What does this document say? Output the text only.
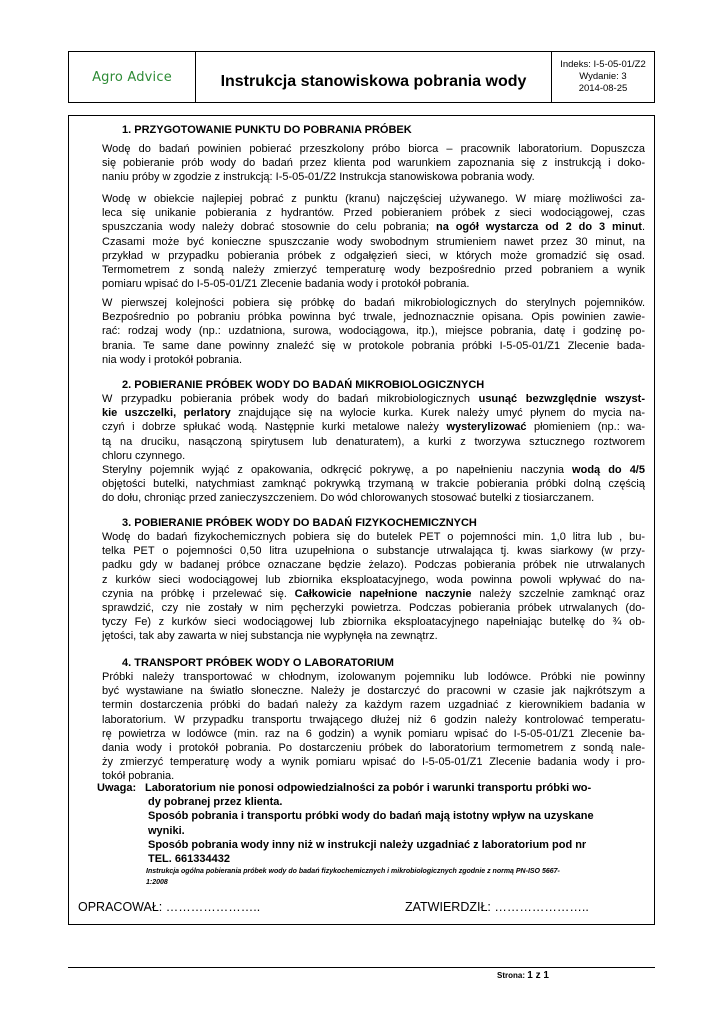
Agro Advice	Instrukcja stanowiskowa pobrania wody
Indeks: I-5-05-01/Z2
Wydanie: 3
2014-08-25
1. PRZYGOTOWANIE PUNKTU DO POBRANIA PRÓBEK
Wodę do badań powinien pobierać przeszkolony próbo biorca – pracownik laboratorium. Dopuszcza
się pobieranie prób wody do badań przez klienta pod warunkiem zapoznania się z instrukcją i doko-
naniu próby w zgodzie z instrukcją: I-5-05-01/Z2 Instrukcja stanowiskowa pobrania wody.
Wodę w obiekcie najlepiej pobrać z punktu (kranu) najczęściej używanego. W miarę możliwości za-
leca się unikanie pobierania z hydrantów. Przed pobieraniem próbek z sieci wodociągowej, czas
spuszczania wody należy dobrać stosownie do celu pobrania; na ogół wystarcza od 2 do 3 minut.
Czasami może być konieczne spuszczanie wody swobodnym strumieniem nawet przez 30 minut, na
przykład w przypadku pobierania próbek z odgałęzień sieci, w których może gromadzić się osad.
Termometrem z sondą należy zmierzyć temperaturę wody bezpośrednio przed pobraniem a wynik
pomiaru wpisać do I-5-05-01/Z1 Zlecenie badania wody i protokół pobrania.
W pierwszej kolejności pobiera się próbkę do badań mikrobiologicznych do sterylnych pojemników.
Bezpośrednio po pobraniu próbka powinna być trwale, jednoznacznie opisana. Opis powinien zawie-
rać: rodzaj wody (np.: uzdatniona, surowa, wodociągowa, itp.), miejsce pobrania, datę i godzinę po-
brania. Te same dane powinny znaleźć się w protokole pobrania próbki I-5-05-01/Z1 Zlecenie bada-
nia wody i protokół pobrania.
2. POBIERANIE PRÓBEK WODY DO BADAŃ MIKROBIOLOGICZNYCH
W przypadku pobierania próbek wody do badań mikrobiologicznych usunąć bezwzględnie wszyst-
kie uszczelki, perlatory znajdujące się na wylocie kurka. Kurek należy umyć płynem do mycia na-
czyń i dobrze spłukać wodą. Następnie kurki metalowe należy wysterylizować płomieniem (np.: wa-
tą na druciku, nasączoną spirytusem lub denaturatem), a kurki z tworzywa sztucznego roztworem
chloru czynnego.
Sterylny pojemnik wyjąć z opakowania, odkręcić pokrywę, a po napełnieniu naczynia wodą do 4/5
objętości butelki, natychmiast zamknąć pokrywką trzymaną w trakcie pobierania próbki dolną częścią
do dołu, chroniąc przed zanieczyszczeniem. Do wód chlorowanych stosować butelki z tiosiarczanem.
3. POBIERANIE PRÓBEK WODY DO BADAŃ FIZYKOCHEMICZNYCH
Wodę do badań fizykochemicznych pobiera się do butelek PET o pojemności min. 1,0 litra lub , bu-
telka PET o pojemności 0,50 litra uzupełniona o substancje utrwalająca tj. kwas siarkowy (w przy-
padku gdy w badanej próbce oznaczane będzie żelazo). Podczas pobierania próbek nie utrwalanych
z kurków sieci wodociągowej lub zbiornika eksploatacyjnego, woda powinna powoli wpływać do na-
czynia na próbkę i przelewać się. Całkowicie napełnione naczynie należy szczelnie zamknąć oraz
sprawdzić, czy nie zostały w nim pęcherzyki powietrza. Podczas pobierania próbek utrwalanych (do-
tyczy Fe) z kurków sieci wodociągowej lub zbiornika eksploatacyjnego napełniając butelkę do ¾ ob-
jętości, tak aby zawarta w niej substancja nie wypłynęła na zewnątrz.
4. TRANSPORT PRÓBEK WODY O LABORATORIUM
Próbki należy transportować w chłodnym, izolowanym pojemniku lub lodówce. Próbki nie powinny
być wystawiane na światło słoneczne. Należy je dostarczyć do pracowni w czasie jak najkrótszym a
termin dostarczenia próbki do badań należy za każdym razem uzgadniać z kierownikiem badania w
laboratorium. W przypadku transportu trwającego dłużej niż 6 godzin należy kontrolować temperatu-
rę powietrza w lodówce (min. raz na 6 godzin) a wynik pomiaru wpisać do I-5-05-01/Z1 Zlecenie ba-
dania wody i protokół pobrania. Po dostarczeniu próbek do laboratorium termometrem z sondą nale-
ży zmierzyć temperaturę wody a wynik pomiaru wpisać do I-5-05-01/Z1 Zlecenie badania wody i pro-
tokół pobrania.
Uwaga: Laboratorium nie ponosi odpowiedzialności za pobór i warunki transportu próbki wo-
dy pobranej przez klienta.
Sposób pobrania i transportu próbki wody do badań mają istotny wpływ na uzyskane
wyniki.
Sposób pobrania wody inny niż w instrukcji należy uzgadniać z laboratorium pod nr
TEL. 661334432
Instrukcja ogólna pobierania próbek wody do badań fizykochemicznych i mikrobiologicznych zgodnie z normą PN-ISO 5667-
1:2008
OPRACOWAŁ: …………………..	ZATWIERDZIŁ: …………………..
Strona: 1 z 1
